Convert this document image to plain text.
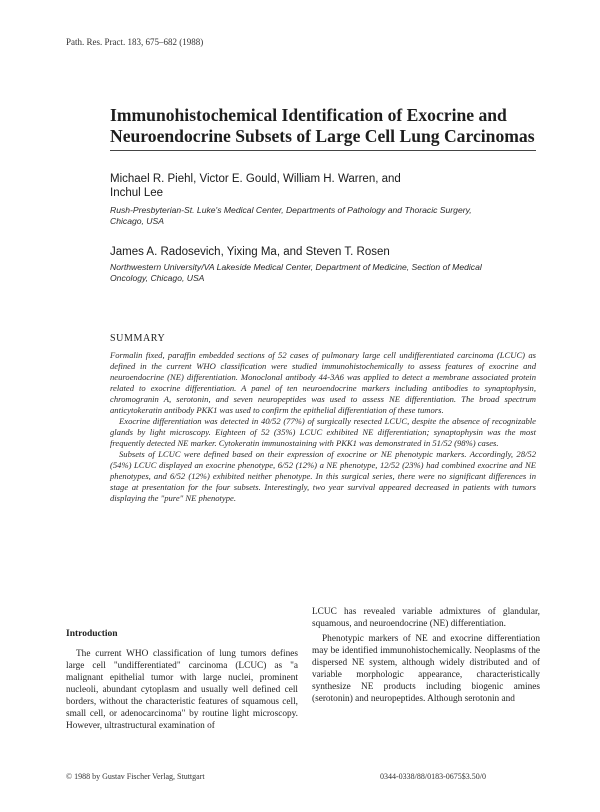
Path. Res. Pract. 183, 675–682 (1988)
Immunohistochemical Identification of Exocrine and
Neuroendocrine Subsets of Large Cell Lung Carcinomas
Michael R. Piehl, Victor E. Gould, William H. Warren, and Inchul Lee
Rush-Presbyterian-St. Luke's Medical Center, Departments of Pathology and Thoracic Surgery, Chicago, USA
James A. Radosevich, Yixing Ma, and Steven T. Rosen
Northwestern University/VA Lakeside Medical Center, Department of Medicine, Section of Medical Oncology, Chicago, USA
SUMMARY

Formalin fixed, paraffin embedded sections of 52 cases of pulmonary large cell undifferentiated carcinoma (LCUC) as defined in the current WHO classification were studied immunohistochemically to assess features of exocrine and neuroendocrine (NE) differentiation. Monoclonal antibody 44-3A6 was applied to detect a membrane associated protein related to exocrine differentiation. A panel of ten neuroendocrine markers including antibodies to synaptophysin, chromogranin A, serotonin, and seven neuropeptides was used to assess NE differentiation. The broad spectrum anticytokeratin antibody PKK1 was used to confirm the epithelial differentiation of these tumors.

Exocrine differentiation was detected in 40/52 (77%) of surgically resected LCUC, despite the absence of recognizable glands by light microscopy. Eighteen of 52 (35%) LCUC exhibited NE differentiation; synaptophysin was the most frequently detected NE marker. Cytokeratin immunostaining with PKK1 was demonstrated in 51/52 (98%) cases.

Subsets of LCUC were defined based on their expression of exocrine or NE phenotypic markers. Accordingly, 28/52 (54%) LCUC displayed an exocrine phenotype, 6/52 (12%) a NE phenotype, 12/52 (23%) had combined exocrine and NE phenotypes, and 6/52 (12%) exhibited neither phenotype. In this surgical series, there were no significant differences in stage at presentation for the four subsets. Interestingly, two year survival appeared decreased in patients with tumors displaying the "pure" NE phenotype.

Introduction

The current WHO classification of lung tumors defines large cell "undifferentiated" carcinoma (LCUC) as "a malignant epithelial tumor with large nuclei, prominent nucleoli, abundant cytoplasm and usually well defined cell borders, without the characteristic features of squamous cell, small cell, or adenocarcinoma" by routine light microscopy. However, ultrastructural examination of

LCUC has revealed variable admixtures of glandular, squamous, and neuroendocrine (NE) differentiation.

Phenotypic markers of NE and exocrine differentiation may be identified immunohistochemically. Neoplasms of the dispersed NE system, although widely distributed and of variable morphologic appearance, characteristically synthesize NE products including biogenic amines (serotonin) and neuropeptides. Although serotonin and

© 1988 by Gustav Fischer Verlag, Stuttgart	0344-0338/88/0183-0675$3.50/0
